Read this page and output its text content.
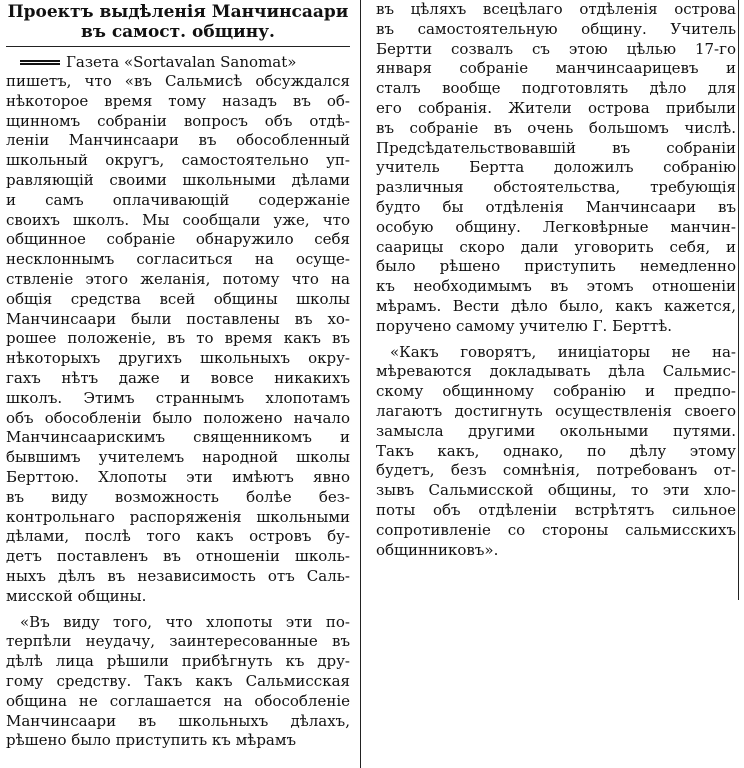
Проектъ выдѣленія Манчинсаари
въ самост. общину.
Газета «Sortavalan Sanomat»
пишетъ, что «въ Сальмисѣ обсуждался
нѣкоторое время тому назадъ въ об-
щинномъ собраніи вопросъ объ отдѣ-
леніи Манчинсаари въ обособленный
школьный округъ, самостоятельно уп-
равляющій своими школьными дѣлами
и самъ оплачивающій содержаніе
своихъ школъ. Мы сообщали уже, что
общинное собраніе обнаружило себя
несклоннымъ согласиться на осуще-
ствленіе этого желанія, потому что на
общія средства всей общины школы
Манчинсаари были поставлены въ хо-
рошее положеніе, въ то время какъ въ
нѣкоторыхъ другихъ школьныхъ окру-
гахъ нѣтъ даже и вовсе никакихъ
школъ. Этимъ страннымъ хлопотамъ
объ обособленіи было положено начало
Манчинсаарискимъ священникомъ и
бывшимъ учителемъ народной школы
Берттою. Хлопоты эти имѣютъ явно
въ виду возможность болѣе без-
контрольнаго распоряженія школьными
дѣлами, послѣ того какъ островъ бу-
детъ поставленъ въ отношеніи школь-
ныхъ дѣлъ въ независимость отъ Саль-
мисской общины.
«Въ виду того, что хлопоты эти по-
терпѣли неудачу, заинтересованные въ
дѣлѣ лица рѣшили прибѣгнуть къ дру-
гому средству. Такъ какъ Сальмисская
община не соглашается на обособленіе
Манчинсаари въ школьныхъ дѣлахъ,
рѣшено было приступить къ мѣрамъ
въ цѣляхъ всецѣлаго отдѣленія острова
въ самостоятельную общину. Учитель
Бертти созвалъ съ этою цѣлью 17-го
января собраніе манчинсаарицевъ и
сталъ вообще подготовлять дѣло для
его собранія. Жители острова прибыли
въ собраніе въ очень большомъ числѣ.
Предсѣдательствовавшій въ собраніи
учитель Бертта доложилъ собранію
различныя обстоятельства, требующія
будто бы отдѣленія Манчинсаари въ
особую общину. Легковѣрные манчин-
саарицы скоро дали уговорить себя, и
было рѣшено приступить немедленно
къ необходимымъ въ этомъ отношеніи
мѣрамъ. Вести дѣло было, какъ кажется,
поручено самому учителю Г. Берттѣ.
«Какъ говорятъ, иниціаторы не на-
мѣреваются докладывать дѣла Сальмис-
скому общинному собранію и предпо-
лагаютъ достигнуть осуществленія своего
замысла другими окольными путями.
Такъ какъ, однако, по дѣлу этому
будетъ, безъ сомнѣнія, потребованъ от-
зывъ Сальмисской общины, то эти хло-
поты объ отдѣленіи встрѣтятъ сильное
сопротивленіе со стороны сальмисскихъ
общинниковъ».
